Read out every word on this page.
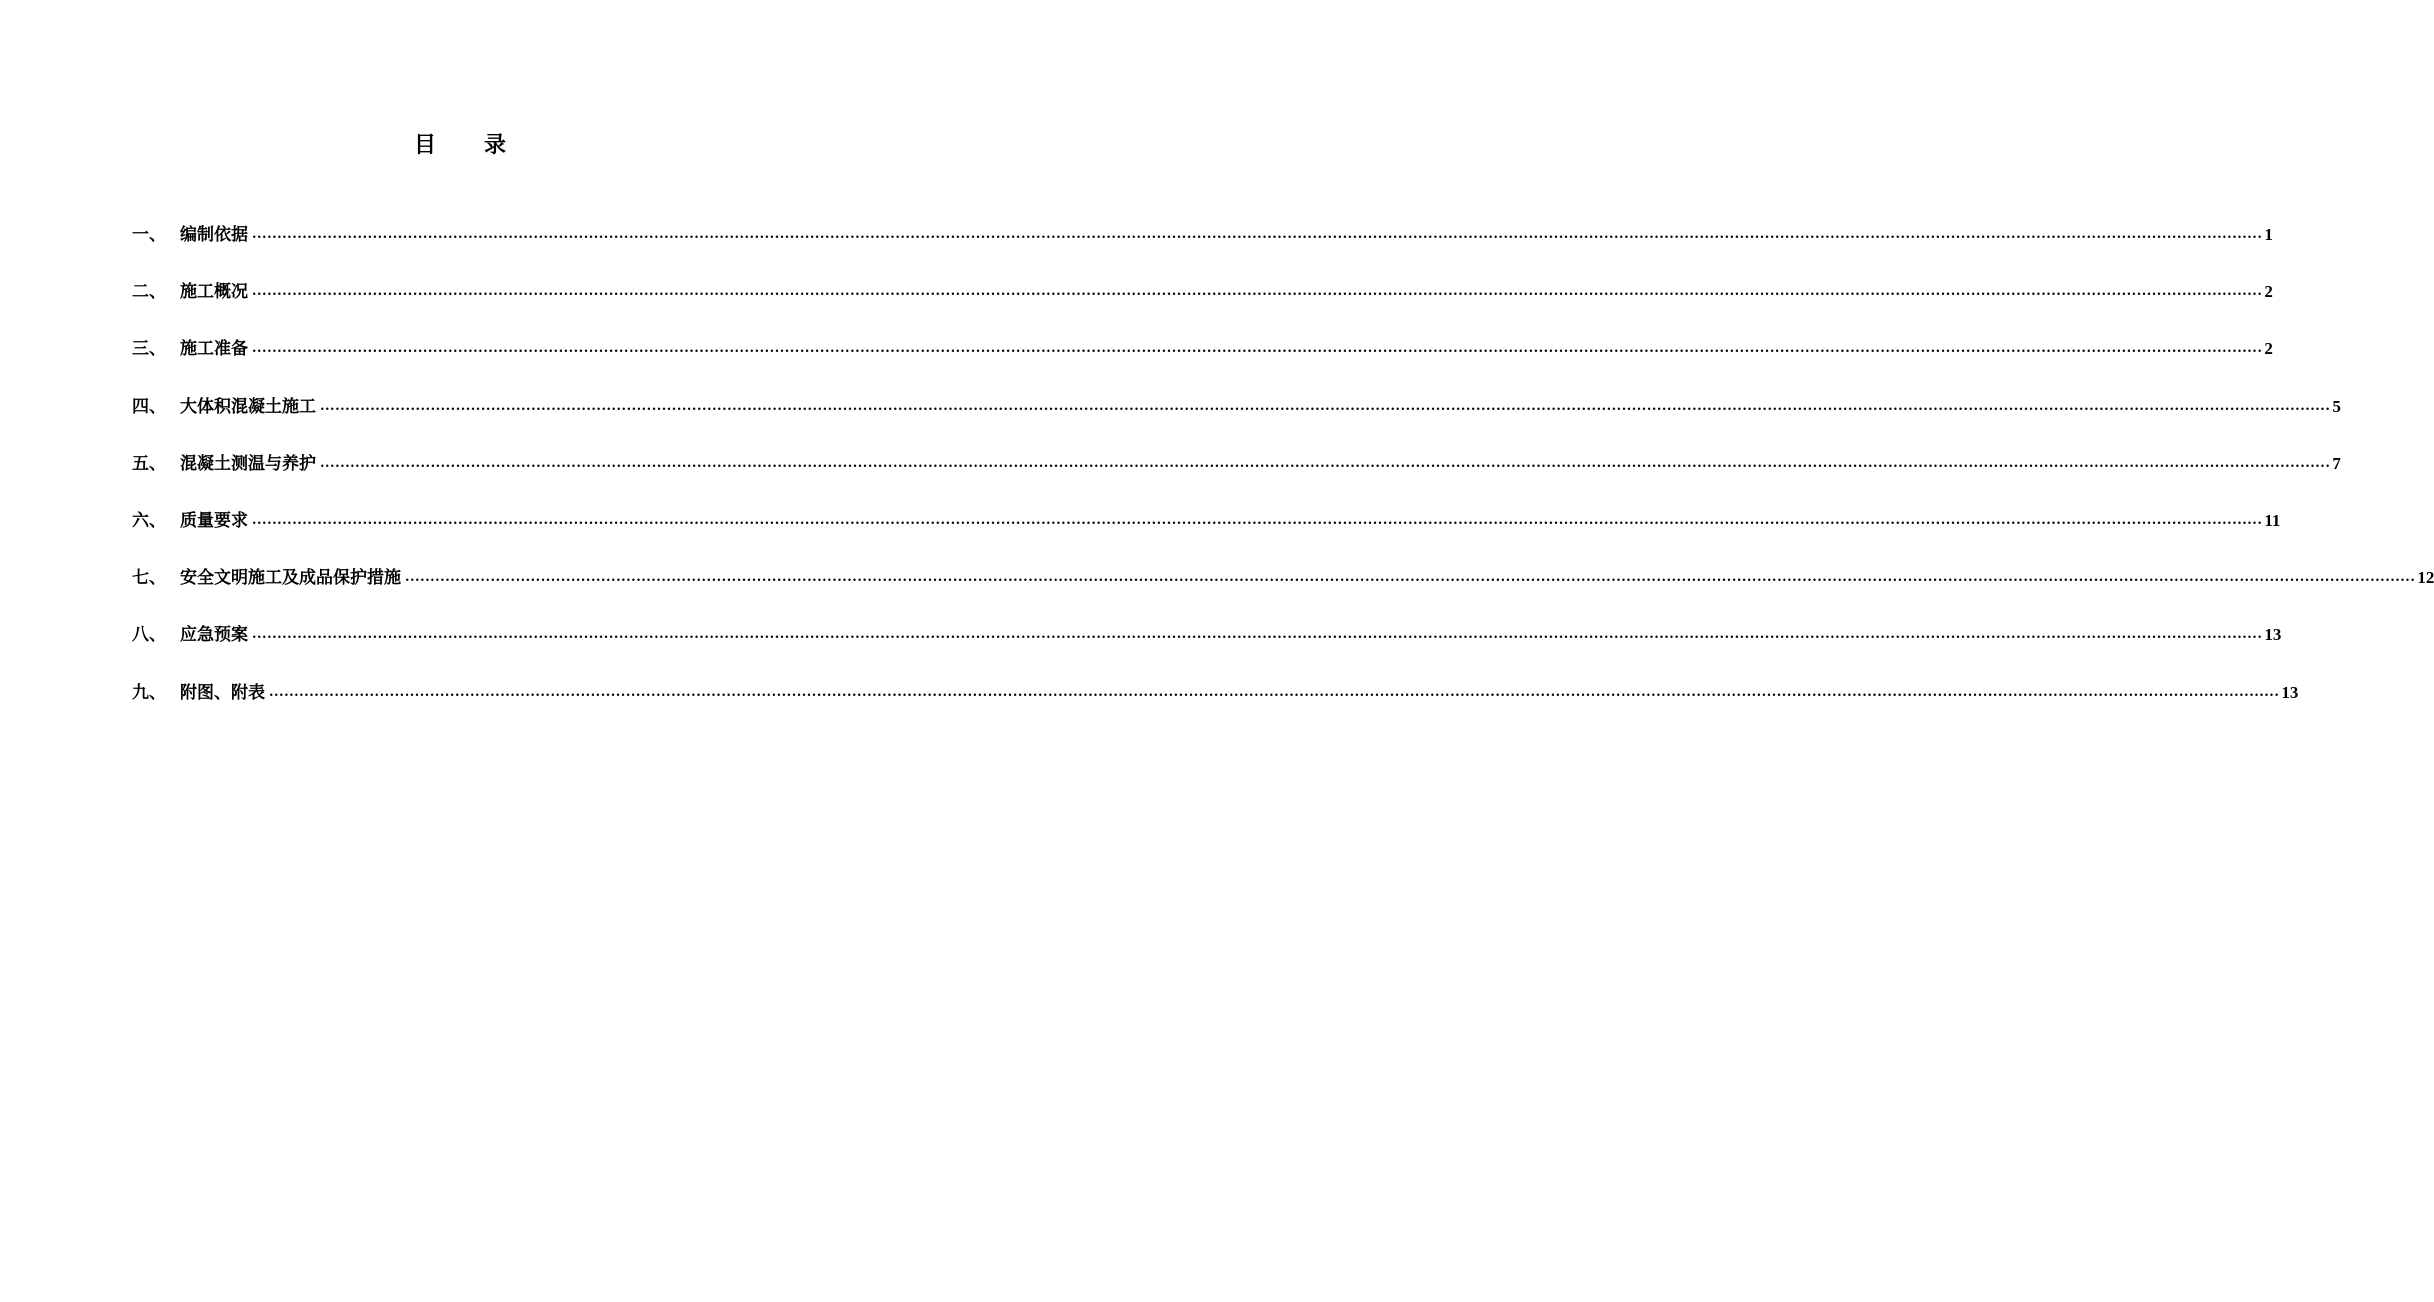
目 录
一、 编制依据 ................................................................................................................................................................................................................................................................................................................................................................................................................ 1
二、 施工概况 ................................................................................................................................................................................................................................................................................................................................................................................................................ 2
三、 施工准备 ................................................................................................................................................................................................................................................................................................................................................................................................................ 2
四、 大体积混凝土施工 ................................................................................................................................................................................................................................................................................................................................................................................................................ 5
五、 混凝土测温与养护 ................................................................................................................................................................................................................................................................................................................................................................................................................ 7
六、 质量要求 ................................................................................................................................................................................................................................................................................................................................................................................................................ 11
七、 安全文明施工及成品保护措施 ................................................................................................................................................................................................................................................................................................................................................................................................................ 12
八、 应急预案 ................................................................................................................................................................................................................................................................................................................................................................................................................ 13
九、 附图、附表 ................................................................................................................................................................................................................................................................................................................................................................................................................ 13
